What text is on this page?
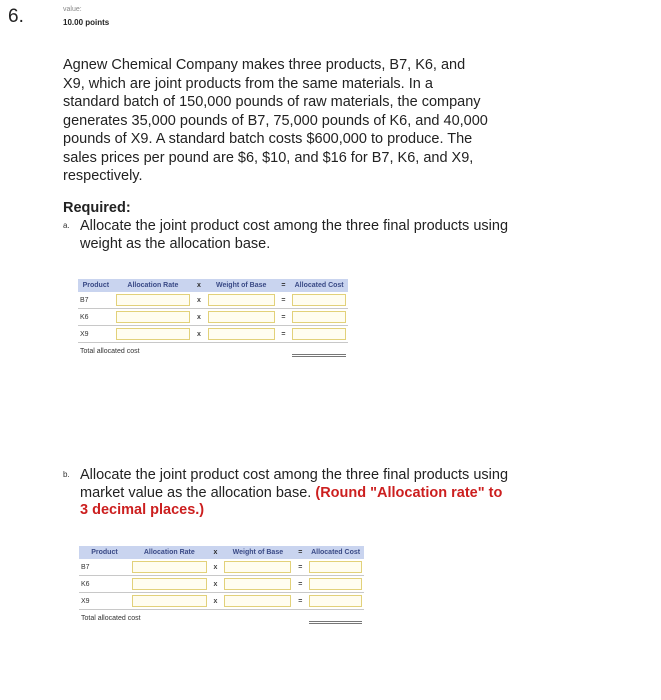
6.	value:
10.00 points

Agnew Chemical Company makes three products, B7, K6, and X9, which are joint products from the same materials. In a standard batch of 150,000 pounds of raw materials, the company generates 35,000 pounds of B7, 75,000 pounds of K6, and 40,000 pounds of X9. A standard batch costs $600,000 to produce. The sales prices per pound are $6, $10, and $16 for B7, K6, and X9, respectively.

Required:

a. Allocate the joint product cost among the three final products using weight as the allocation base.
Product	Allocation Rate	x	Weight of Base	=	Allocated Cost
B7		x		=	

K6		x		=	

X9		x		=	

Total allocated cost					
b. Allocate the joint product cost among the three final products using market value as the allocation base. (Round "Allocation rate" to 3 decimal places.)
Product	Allocation Rate	x	Weight of Base	=	Allocated Cost
B7		x		=	

K6		x		=	

X9		x		=	

Total allocated cost					
